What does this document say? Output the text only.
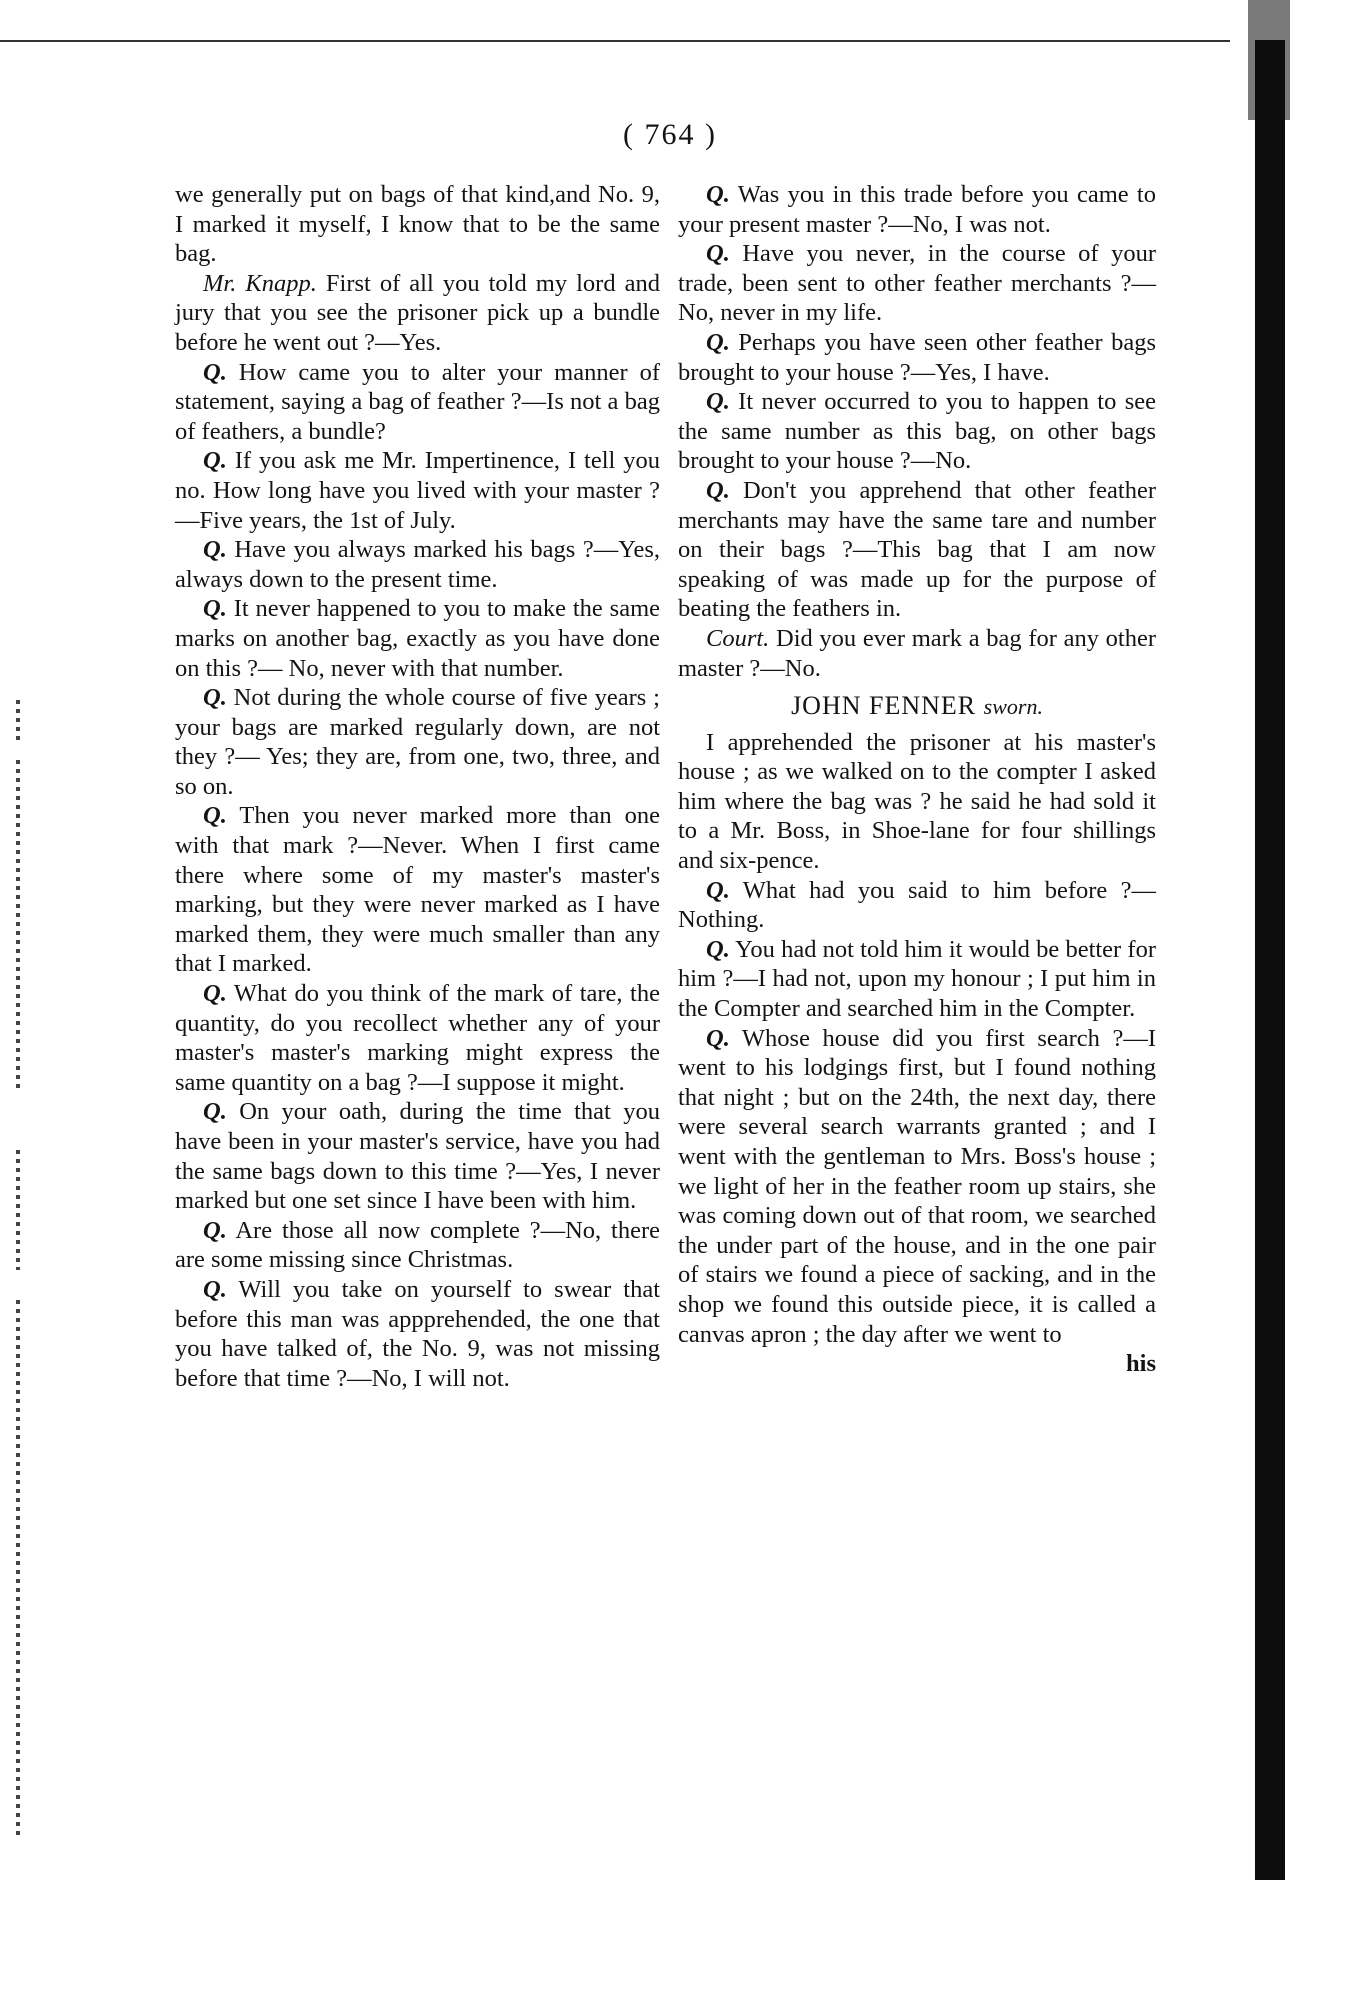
( 764 )

we generally put on bags of that kind,and No. 9, I marked it myself, I know that to be the same bag.

Mr. Knapp. First of all you told my lord and jury that you see the prisoner pick up a bundle before he went out ?—Yes.

Q. How came you to alter your manner of statement, saying a bag of feather ?—Is not a bag of feathers, a bundle?

Q. If you ask me Mr. Impertinence, I tell you no. How long have you lived with your master ?—Five years, the 1st of July.

Q. Have you always marked his bags ?—Yes, always down to the present time.

Q. It never happened to you to make the same marks on another bag, exactly as you have done on this ?— No, never with that number.

Q. Not during the whole course of five years ; your bags are marked regularly down, are not they ?— Yes; they are, from one, two, three, and so on.

Q. Then you never marked more than one with that mark ?—Never. When I first came there where some of my master's master's marking, but they were never marked as I have marked them, they were much smaller than any that I marked.

Q. What do you think of the mark of tare, the quantity, do you recollect whether any of your master's master's marking might express the same quantity on a bag ?—I suppose it might.

Q. On your oath, during the time that you have been in your master's service, have you had the same bags down to this time ?—Yes, I never marked but one set since I have been with him.

Q. Are those all now complete ?—No, there are some missing since Christmas.

Q. Will you take on yourself to swear that before this man was appprehended, the one that you have talked of, the No. 9, was not missing before that time ?—No, I will not.

Q. Was you in this trade before you came to your present master ?—No, I was not.

Q. Have you never, in the course of your trade, been sent to other feather merchants ?—No, never in my life.

Q. Perhaps you have seen other feather bags brought to your house ?—Yes, I have.

Q. It never occurred to you to happen to see the same number as this bag, on other bags brought to your house ?—No.

Q. Don't you apprehend that other feather merchants may have the same tare and number on their bags ?—This bag that I am now speaking of was made up for the purpose of beating the feathers in.

Court. Did you ever mark a bag for any other master ?—No.

JOHN FENNER sworn.

I apprehended the prisoner at his master's house ; as we walked on to the compter I asked him where the bag was ? he said he had sold it to a Mr. Boss, in Shoe-lane for four shillings and six-pence.

Q. What had you said to him before ?—Nothing.

Q. You had not told him it would be better for him ?—I had not, upon my honour ; I put him in the Compter and searched him in the Compter.

Q. Whose house did you first search ?—I went to his lodgings first, but I found nothing that night ; but on the 24th, the next day, there were several search warrants granted ; and I went with the gentleman to Mrs. Boss's house ; we light of her in the feather room up stairs, she was coming down out of that room, we searched the under part of the house, and in the one pair of stairs we found a piece of sacking, and in the shop we found this outside piece, it is called a canvas apron ; the day after we went to

his
